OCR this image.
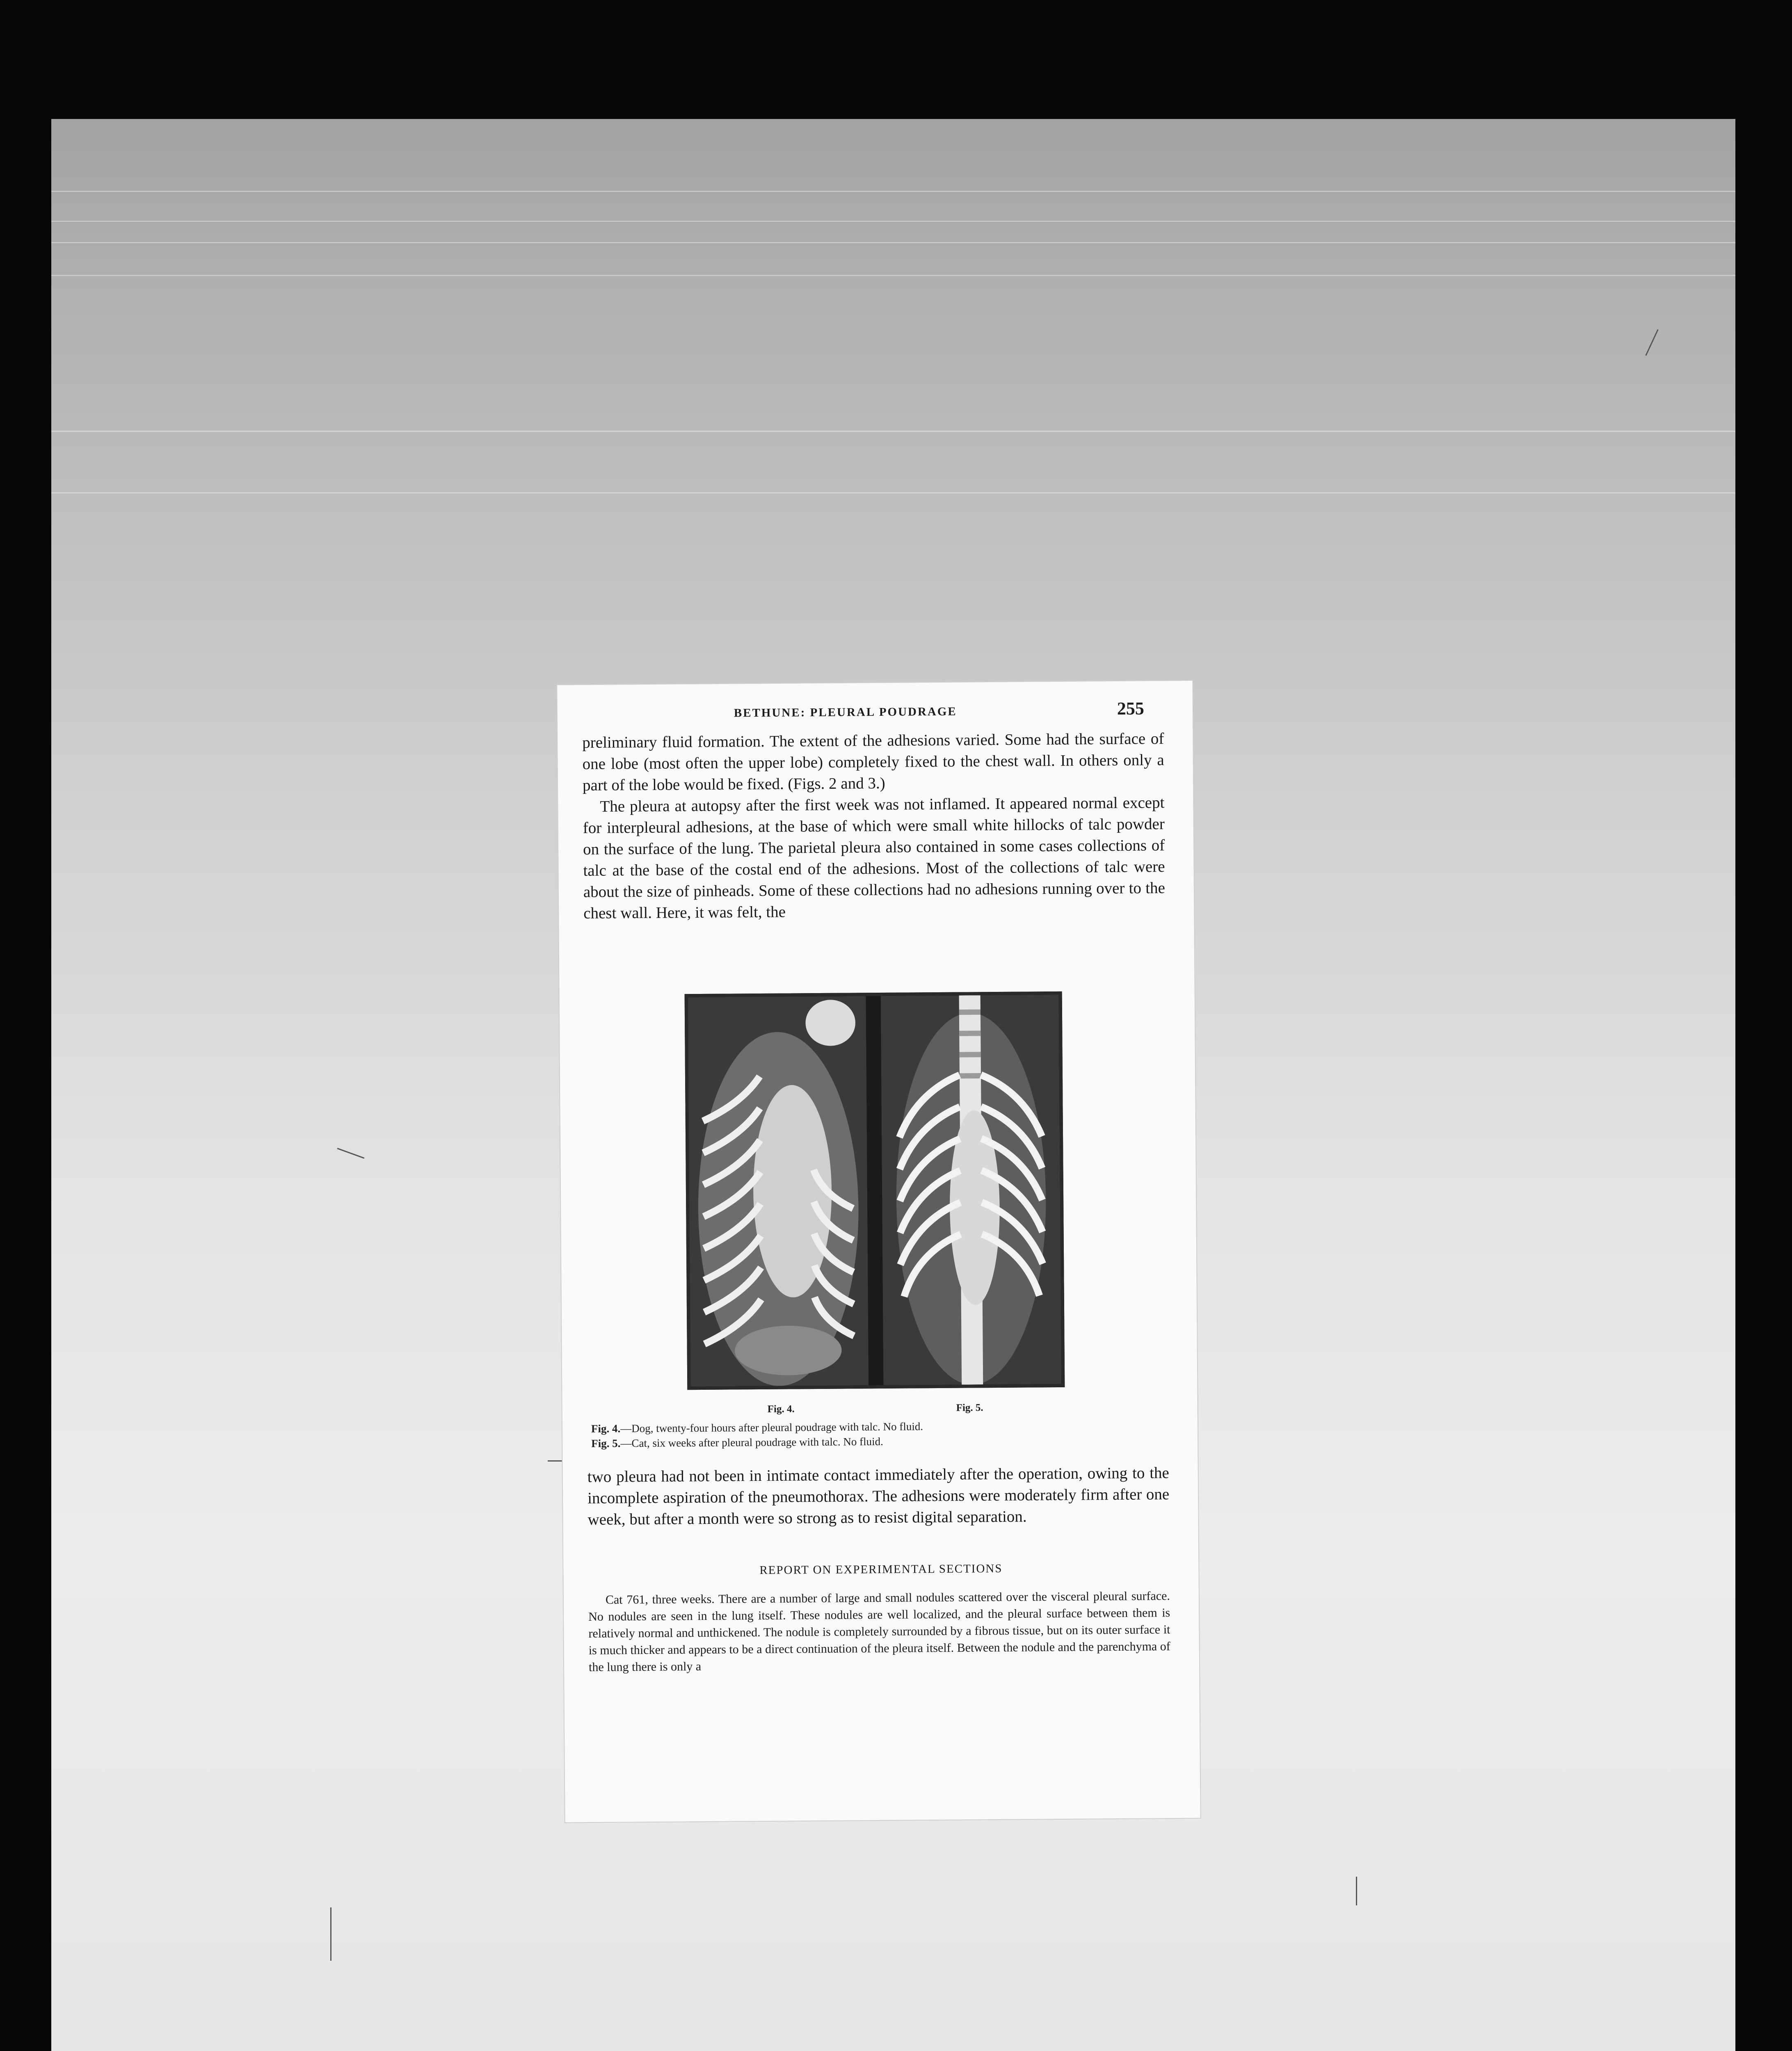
BETHUNE: PLEURAL POUDRAGE	255

preliminary fluid formation. The extent of the adhesions varied. Some had the surface of one lobe (most often the upper lobe) completely fixed to the chest wall. In others only a part of the lobe would be fixed. (Figs. 2 and 3.)

The pleura at autopsy after the first week was not inflamed. It appeared normal except for interpleural adhesions, at the base of which were small white hillocks of talc powder on the surface of the lung. The parietal pleura also contained in some cases collections of talc at the base of the costal end of the adhesions. Most of the collections of talc were about the size of pinheads. Some of these collections had no adhesions running over to the chest wall. Here, it was felt, the

Fig. 4.	Fig. 5.

Fig. 4.—Dog, twenty-four hours after pleural poudrage with talc. No fluid.

Fig. 5.—Cat, six weeks after pleural poudrage with talc. No fluid.

two pleura had not been in intimate contact immediately after the operation, owing to the incomplete aspiration of the pneumothorax. The adhesions were moderately firm after one week, but after a month were so strong as to resist digital separation.

REPORT ON EXPERIMENTAL SECTIONS

Cat 761, three weeks. There are a number of large and small nodules scattered over the visceral pleural surface. No nodules are seen in the lung itself. These nodules are well localized, and the pleural surface between them is relatively normal and unthickened. The nodule is completely surrounded by a fibrous tissue, but on its outer surface it is much thicker and appears to be a direct continuation of the pleura itself. Between the nodule and the parenchyma of the lung there is only a
